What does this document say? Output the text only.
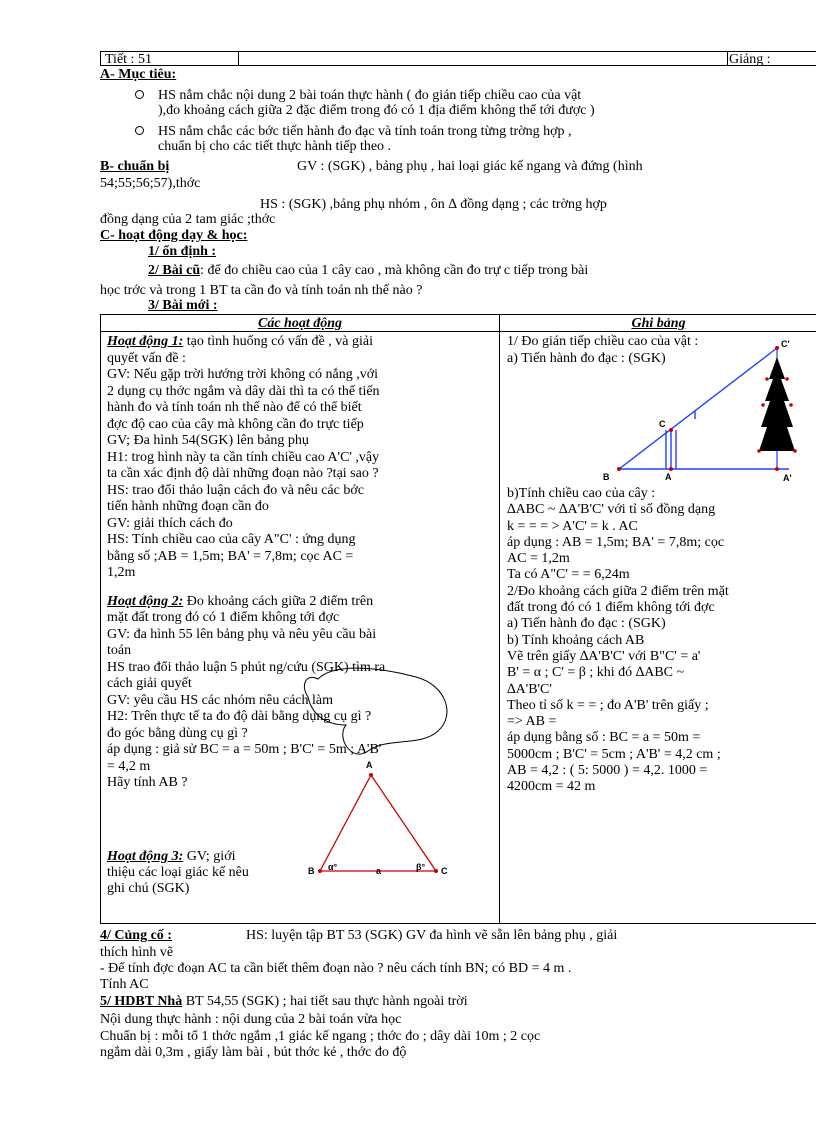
Tiết : 51	Giảng :
A- Mục tiêu:
HS nắm chắc nội dung 2 bài toán thực hành ( đo gián tiếp chiều cao của vật
),đo khoảng cách giữa 2 đặc điểm trong đó có 1 địa điểm không thể tới được )
HS nắm chắc các bớc tiến hành đo đạc và tính toán trong từng trờng hợp ,
chuẩn bị cho các tiết thực hành tiếp theo .
B- chuẩn bị	GV : (SGK) , bảng phụ , hai loại giác kế ngang và đứng (hình
54;55;56;57),thớc
HS : (SGK) ,bảng phụ nhóm , ôn ∆ đồng dạng ; các trờng hợp
đồng dạng của 2 tam giác ;thớc
C- hoạt động dạy & học:
1/ ổn định :
2/ Bài cũ: để đo chiều cao của 1 cây cao , mà không cần đo trự c tiếp trong bài
học trớc và trong 1 BT ta cần đo và tính toán nh thế nào ?
3/ Bài mới :
Các hoạt động	Ghi bảng
Hoạt động 1: tạo tình huống có vấn đề , và giải
quyết vấn đề :
GV: Nếu gặp trời hướng trời không có nắng ,với
2 dụng cụ thớc ngắm và dây dài thì ta có thể tiến
hành đo và tính toán nh thế nào để có thể biết
đợc độ cao của cây mà không cần đo trực tiếp
GV; Đa hình 54(SGK) lên bảng phụ
H1: trog hình này ta cần tính chiều cao A'C' ,vậy
ta cần xác định độ dài những đoạn nào ?tại sao ?
HS: trao đổi thảo luận cách đo và nêu các bớc
tiến hành những đoạn cần đo
GV: giải thích cách đo
HS: Tính chiều cao của cây A"C' : ứng dụng
bằng số ;AB = 1,5m; BA' = 7,8m; cọc AC =
1,2m
Hoạt động 2: Đo khoảng cách giữa 2 điểm trên
mặt đất trong đó có 1 điểm không tới đợc
GV: đa hình 55 lên bảng phụ và nêu yêu cầu bài
toán
HS trao đổi thảo luận 5 phút ng/cứu (SGK) tìm ra
cách giải quyết
GV: yêu cầu HS các nhóm nêu cách làm
H2: Trên thực tế ta đo độ dài bằng dụng cụ gì ?
đo góc bằng dùng cụ gì ?
áp dụng : giả sử BC = a = 50m ; B'C' = 5m ; A'B'
= 4,2 m
Hãy tính AB ?
Hoạt động 3: GV; giới
thiệu các loại giác kế nêu
ghi chú (SGK)
A
B	C
a
α°	β°
1/ Đo gián tiếp chiều cao của vật :
a) Tiến hành đo đạc : (SGK)
B	A	A'
C
C'
b)Tính chiều cao của cây :
∆ABC ~ ∆A'B'C' với tỉ số đồng dạng
k = = = > A'C' = k . AC
áp dụng : AB = 1,5m; BA' = 7,8m; cọc
AC = 1,2m
Ta có A"C' = = 6,24m
2/Đo khoảng cách giữa 2 điểm trên mặt
đất trong đó có 1 điểm không tới đợc
a) Tiến hành đo đạc : (SGK)
b) Tính khoảng cách AB
Vẽ trên giấy ∆A'B'C' với B"C' = a'
B' = α ; C' = β ; khi đó ∆ABC ~
∆A'B'C'
Theo tỉ số k = = ; đo A'B' trên giấy ;
=> AB =
áp dụng bằng số : BC = a = 50m =
5000cm ; B'C' = 5cm ; A'B' = 4,2 cm ;
AB = 4,2 : ( 5: 5000 ) = 4,2. 1000 =
4200cm = 42 m
4/ Củng cố :	HS: luyện tập BT 53 (SGK) GV đa hình vẽ sẵn lên bảng phụ , giải
thích hình vẽ
- Để tính đợc đoạn AC ta cần biết thêm đoạn nào ? nêu cách tính BN; có BD = 4 m .
Tính AC
5/ HDBT Nhà BT 54,55 (SGK) ; hai tiết sau thực hành ngoài trời
Nội dung thực hành : nội dung của 2 bài toán vừa học
Chuẩn bị : mỗi tổ 1 thớc ngắm ,1 giác kế ngang ; thớc đo ; dây dài 10m ; 2 cọc
ngắm dài 0,3m , giấy làm bài , bút thớc kẻ , thớc đo độ
